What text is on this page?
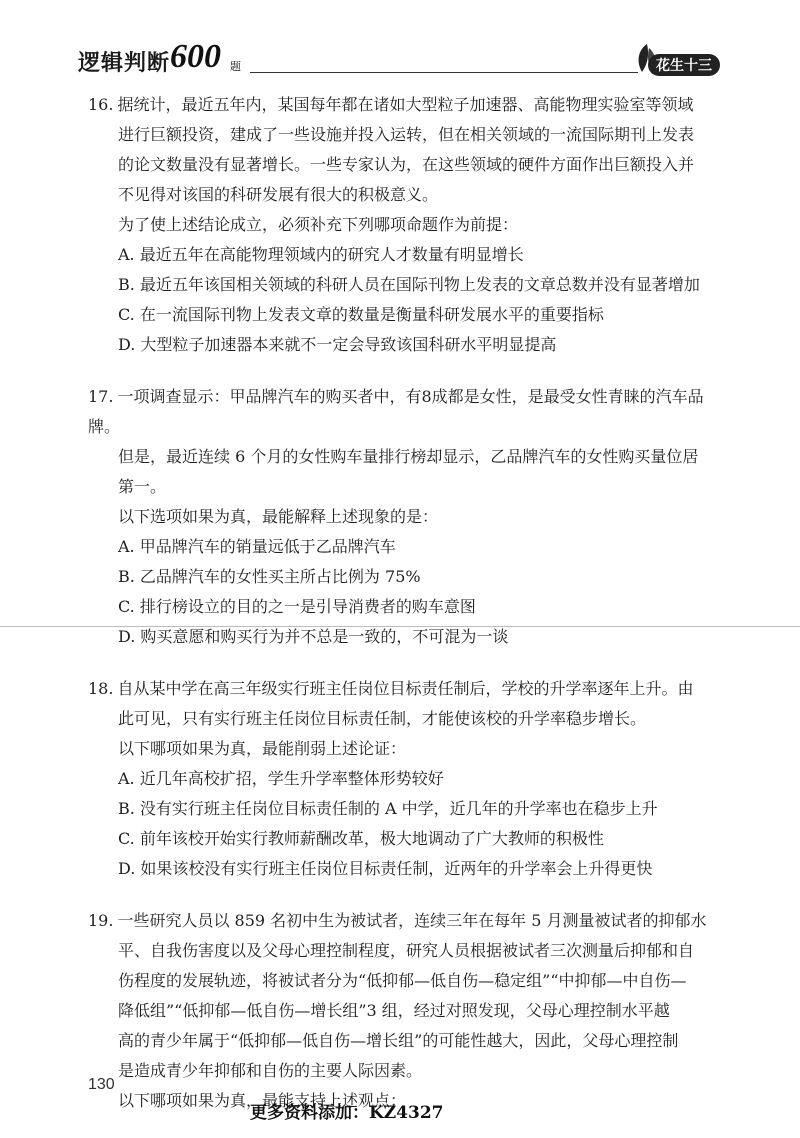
逻辑判断 600 题	花生十三

16. 据统计，最近五年内，某国每年都在诸如大型粒子加速器、高能物理实验室等领域

进行巨额投资，建成了一些设施并投入运转，但在相关领域的一流国际期刊上发表

的论文数量没有显著增长。一些专家认为，在这些领域的硬件方面作出巨额投入并

不见得对该国的科研发展有很大的积极意义。

为了使上述结论成立，必须补充下列哪项命题作为前提：

A. 最近五年在高能物理领域内的研究人才数量有明显增长

B. 最近五年该国相关领域的科研人员在国际刊物上发表的文章总数并没有显著增加

C. 在一流国际刊物上发表文章的数量是衡量科研发展水平的重要指标

D. 大型粒子加速器本来就不一定会导致该国科研水平明显提高

17. 一项调查显示：甲品牌汽车的购买者中，有8成都是女性，是最受女性青睐的汽车品牌。

但是，最近连续 6 个月的女性购车量排行榜却显示，乙品牌汽车的女性购买量位居

第一。

以下选项如果为真，最能解释上述现象的是：

A. 甲品牌汽车的销量远低于乙品牌汽车

B. 乙品牌汽车的女性买主所占比例为 75%

C. 排行榜设立的目的之一是引导消费者的购车意图

D. 购买意愿和购买行为并不总是一致的，不可混为一谈

18. 自从某中学在高三年级实行班主任岗位目标责任制后，学校的升学率逐年上升。由

此可见，只有实行班主任岗位目标责任制，才能使该校的升学率稳步增长。

以下哪项如果为真，最能削弱上述论证：

A. 近几年高校扩招，学生升学率整体形势较好

B. 没有实行班主任岗位目标责任制的 A 中学，近几年的升学率也在稳步上升

C. 前年该校开始实行教师薪酬改革，极大地调动了广大教师的积极性

D. 如果该校没有实行班主任岗位目标责任制，近两年的升学率会上升得更快

19. 一些研究人员以 859 名初中生为被试者，连续三年在每年 5 月测量被试者的抑郁水

平、自我伤害度以及父母心理控制程度，研究人员根据被试者三次测量后抑郁和自

伤程度的发展轨迹，将被试者分为“低抑郁—低自伤—稳定组”“中抑郁—中自伤—

降低组”“低抑郁—低自伤—增长组”3 组，经过对照发现，父母心理控制水平越

高的青少年属于“低抑郁—低自伤—增长组”的可能性越大，因此，父母心理控制

是造成青少年抑郁和自伤的主要人际因素。

以下哪项如果为真，最能支持上述观点：

130
更多资料添加：KZ4327
